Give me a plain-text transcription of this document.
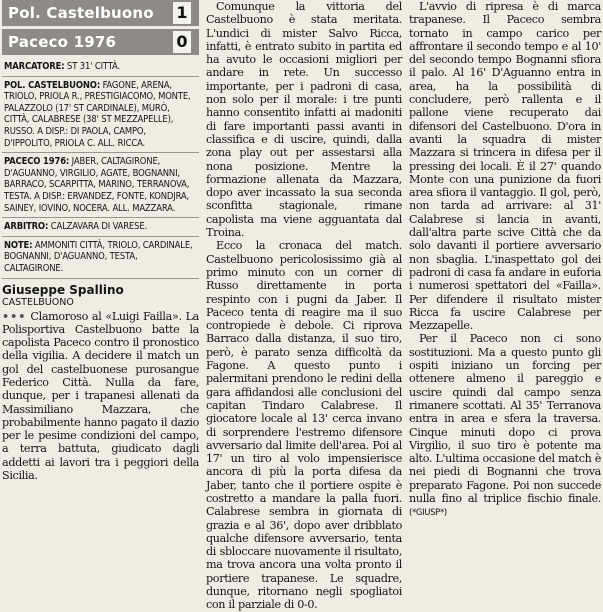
Pol. Castelbuono 1
Paceco 1976	0
MARCATORE: ST 31' CITTÀ.
POL. CASTELBUONO: FAGONE, ARENA, TRIOLO, PRIOLA R., PRESTIGIACOMO, MONTE, PALAZZOLO (17' ST CARDINALE), MURÒ, CITTÀ, CALABRESE (38' ST MEZZAPELLE), RUSSO. A DISP.: DI PAOLA, CAMPO, D'IPPOLITO, PRIOLA C. ALL. RICCA.
PACECO 1976: JABER, CALTAGIRONE, D'AGUANNO, VIRGILIO, AGATE, BOGNANNI, BARRACO, SCARPITTA, MARINO, TERRANOVA, TESTA. A DISP.: ERVANDEZ, FONTE, KONDJRA, SAINEY, IOVINO, NOCERA. ALL. MAZZARA.
ARBITRO: CALZAVARA DI VARESE.
NOTE: AMMONITI CITTÀ, TRIOLO, CARDINALE, BOGNANNI, D'AGUANNO, TESTA, CALTAGIRONE.
Giuseppe Spallino
CASTELBUONO

••• Clamoroso al «Luigi Failla». La Polisportiva Castelbuono batte la capolista Paceco contro il pronostico della vigilia. A decidere il match un gol del castelbuonese purosangue Federico Città. Nulla da fare, dunque, per i trapanesi allenati da Massimiliano Mazzara, che probabilmente hanno pagato il dazio per le pesime condizioni del campo, a terra battuta, giudicato dagli addetti ai lavori tra i peggiori della Sicilia.

Comunque la vittoria del Castelbuono è stata meritata. L'undici di mister Salvo Ricca, infatti, è entrato subito in partita ed ha avuto le occasioni migliori per andare in rete. Un successo importante, per i padroni di casa, non solo per il morale: i tre punti hanno consentito infatti ai madoniti di fare importanti passi avanti in classifica e di uscire, quindi, dalla zona play out per assestarsi alla nona posizione. Mentre la formazione allenata da Mazzara, dopo aver incassato la sua seconda sconfitta stagionale, rimane capolista ma viene agguantata dal Troina.

Ecco la cronaca del match. Castelbuono pericolosissimo già al primo minuto con un corner di Russo direttamente in porta respinto con i pugni da Jaber. Il Paceco tenta di reagire ma il suo contropiede è debole. Ci riprova Barraco dalla distanza, il suo tiro, però, è parato senza difficoltà da Fagone. A questo punto i palermitani prendono le redini della gara affidandosi alle conclusioni del capitan Tindaro Calabrese. Il giocatore locale al 13' cerca invano di sorprendere l'estremo difensore avversario dal limite dell'area. Poi al 17' un tiro al volo impensierisce ancora di più la porta difesa da Jaber, tanto che il portiere ospite è costretto a mandare la palla fuori. Calabrese sembra in giornata di grazia e al 36', dopo aver dribblato qualche difensore avversario, tenta di sbloccare nuovamente il risultato, ma trova ancora una volta pronto il portiere trapanese. Le squadre, dunque, ritornano negli spogliatoi con il parziale di 0-0.

L'avvio di ripresa è di marca trapanese. Il Paceco sembra tornato in campo carico per affrontare il secondo tempo e al 10' del secondo tempo Bognanni sfiora il palo. Al 16' D'Aguanno entra in area, ha la possibilità di concludere, però rallenta e il pallone viene recuperato dai difensori del Castelbuono. D'ora in avanti la squadra di mister Mazzara si trincera in difesa per il pressing dei locali. È il 27' quando Monte con una punizione da fuori area sfiora il vantaggio. Il gol, però, non tarda ad arrivare: al 31' Calabrese si lancia in avanti, dall'altra parte scive Città che da solo davanti il portiere avversario non sbaglia. L'inaspettato gol dei padroni di casa fa andare in euforia i numerosi spettatori del «Failla». Per difendere il risultato mister Ricca fa uscire Calabrese per Mezzapelle.

Per il Paceco non ci sono sostituzioni. Ma a questo punto gli ospiti iniziano un forcing per ottenere almeno il pareggio e uscire quindi dal campo senza rimanere scottati. Al 35' Terranova entra in area e sfera la traversa. Cinque minuti dopo ci prova Virgilio, il suo tiro è potente ma alto. L'ultima occasione del match è nei piedi di Bognanni che trova preparato Fagone. Poi non succede nulla fino al triplice fischio finale. (*GIUSP*)
